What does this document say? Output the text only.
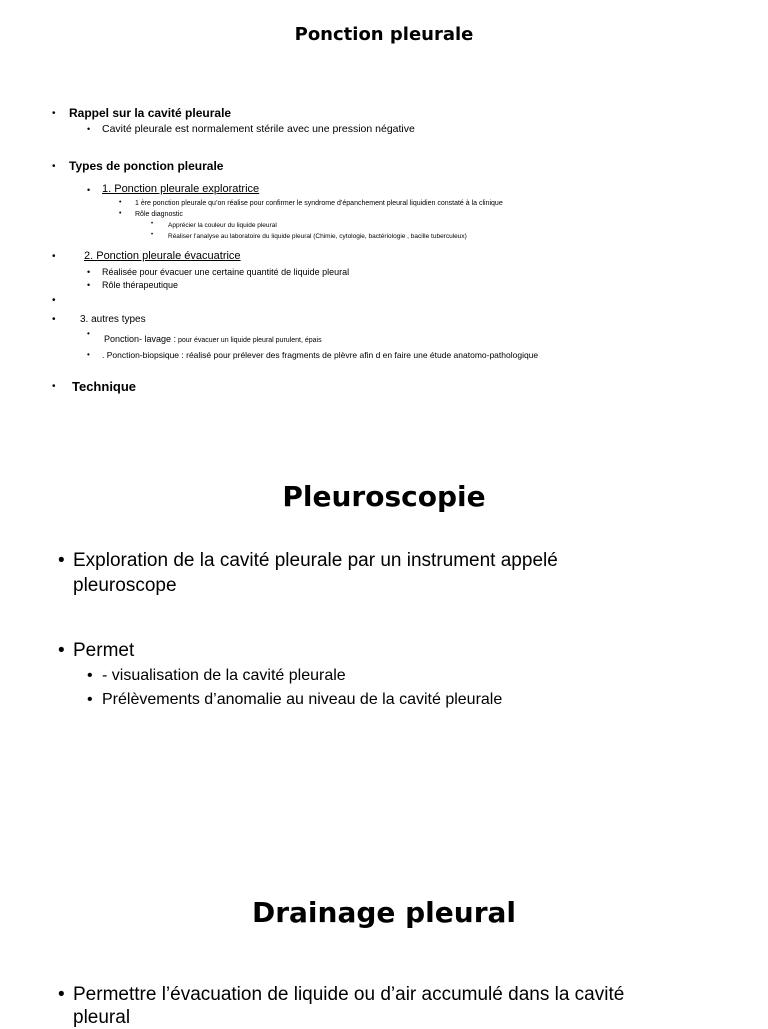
Ponction pleurale
• Rappel sur la cavité pleurale
• Cavité pleurale est normalement stérile avec une pression négative
• Types de ponction pleurale
• 1. Ponction pleurale exploratrice
• 1 ère ponction pleurale qu’on réalise pour confirmer le syndrome d’épanchement pleural liquidien constaté à la clinique
• Rôle diagnostic
• Apprécier la couleur du liquide pleural
• Réaliser l’analyse au laboratoire du liquide pleural (Chimie, cytologie, bactériologie , bacille tuberculeux)
•	2. Ponction pleurale évacuatrice
• Réalisée pour évacuer une certaine quantité de liquide pleural
• Rôle thérapeutique
•
• 3. autres types
•
Ponction- lavage : pour évacuer un liquide pleural purulent, épais
• . Ponction-biopsique : réalisé pour prélever des fragments de plèvre afin d en faire une étude anatomo-pathologique
• Technique
Pleuroscopie
• Exploration de la cavité pleurale par un instrument appelé
pleuroscope
• Permet
• - visualisation de la cavité pleurale
• Prélèvements d’anomalie au niveau de la cavité pleurale
Drainage pleural
• Permettre l’évacuation de liquide ou d’air accumulé dans la cavité
pleural
